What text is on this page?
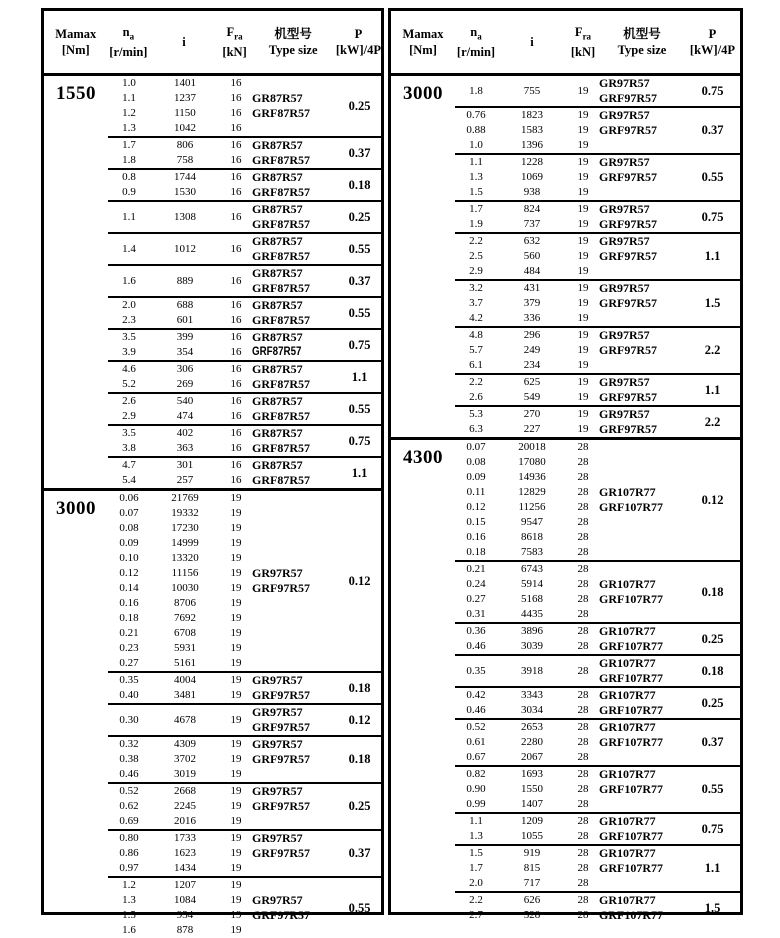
Mamax
[Nm]
$n_a$
[r/min]
i
$F_{ra}$
[kN]
机型号
Type size
P
[kW]/4P
1550	1.0	1401	16
1.1	1237	16
1.2	1150	16
1.3	1042	16
GR87R57
GRF87R57
0.25
1.7	806	16
1.8	758	16
GR87R57
GRF87R57
0.37
0.8	1744	16
0.9	1530	16
GR87R57
GRF87R57
0.18
1.1	1308	16
GR87R57
GRF87R57
0.25
1.4	1012	16
GR87R57
GRF87R57
0.55
1.6	889	16
GR87R57
GRF87R57
0.37
2.0	688	16
2.3	601	16
GR87R57
GRF87R57
0.55
3.5	399	16
3.9	354	16
GR87R57
GRF87R57
0.75
4.6	306	16
5.2	269	16
GR87R57
GRF87R57
1.1
2.6	540	16
2.9	474	16
GR87R57
GRF87R57
0.55
3.5	402	16
3.8	363	16
GR87R57
GRF87R57
0.75
4.7	301	16
5.4	257	16
GR87R57
GRF87R57
1.1
3000	0.06	21769	19
0.07	19332	19
0.08	17230	19
0.09	14999	19
0.10	13320	19
0.12	11156	19
0.14	10030	19
0.16	8706	19
0.18	7692	19
0.21	6708	19
0.23	5931	19
0.27	5161	19
GR97R57
GRF97R57
0.12
0.35	4004	19
0.40	3481	19
GR97R57
GRF97R57
0.18
0.30	4678	19
GR97R57
GRF97R57
0.12
0.32	4309	19
0.38	3702	19
0.46	3019	19
GR97R57
GRF97R57	0.18
0.52	2668	19
0.62	2245	19
0.69	2016	19
GR97R57
GRF97R57	0.25
0.80	1733	19
0.86	1623	19
0.97	1434	19
GR97R57
GRF97R57	0.37
1.2	1207	19
1.3	1084	19
1.5	934	19
1.6	878	19
GR97R57
GRF97R57
0.55
Mamax
[Nm]
$n_a$
[r/min]
i
$F_{ra}$
[kN]
机型号
Type size
P
[kW]/4P
3000	1.8	755	19
GR97R57
GRF97R57
0.75
0.76	1823	19
0.88	1583	19
1.0	1396	19
GR97R57
GRF97R57	0.37
1.1	1228	19
1.3	1069	19
1.5	938	19
GR97R57
GRF97R57	0.55
1.7	824	19
1.9	737	19
GR97R57
GRF97R57
0.75
2.2	632	19
2.5	560	19
2.9	484	19
GR97R57
GRF97R57	1.1
3.2	431	19
3.7	379	19
4.2	336	19
GR97R57
GRF97R57	1.5
4.8	296	19
5.7	249	19
6.1	234	19
GR97R57
GRF97R57	2.2
2.2	625	19
2.6	549	19
GR97R57
GRF97R57
1.1
5.3	270	19
6.3	227	19
GR97R57
GRF97R57
2.2
4300	0.07	20018	28
0.08	17080	28
0.09	14936	28
0.11	12829	28
0.12	11256	28
0.15	9547	28
0.16	8618	28
0.18	7583	28
GR107R77
GRF107R77
0.12
0.21	6743	28
0.24	5914	28
0.27	5168	28
0.31	4435	28
GR107R77
GRF107R77
0.18
0.36	3896	28
0.46	3039	28
GR107R77
GRF107R77
0.25
0.35	3918	28
GR107R77
GRF107R77
0.18
0.42	3343	28
0.46	3034	28
GR107R77
GRF107R77
0.25
0.52	2653	28
0.61	2280	28
0.67	2067	28
GR107R77
GRF107R77	0.37
0.82	1693	28
0.90	1550	28
0.99	1407	28
GR107R77
GRF107R77	0.55
1.1	1209	28
1.3	1055	28
GR107R77
GRF107R77
0.75
1.5	919	28
1.7	815	28
2.0	717	28
GR107R77
GRF107R77	1.1
2.2	626	28
2.7	528	28
GR107R77
GRF107R77
1.5
